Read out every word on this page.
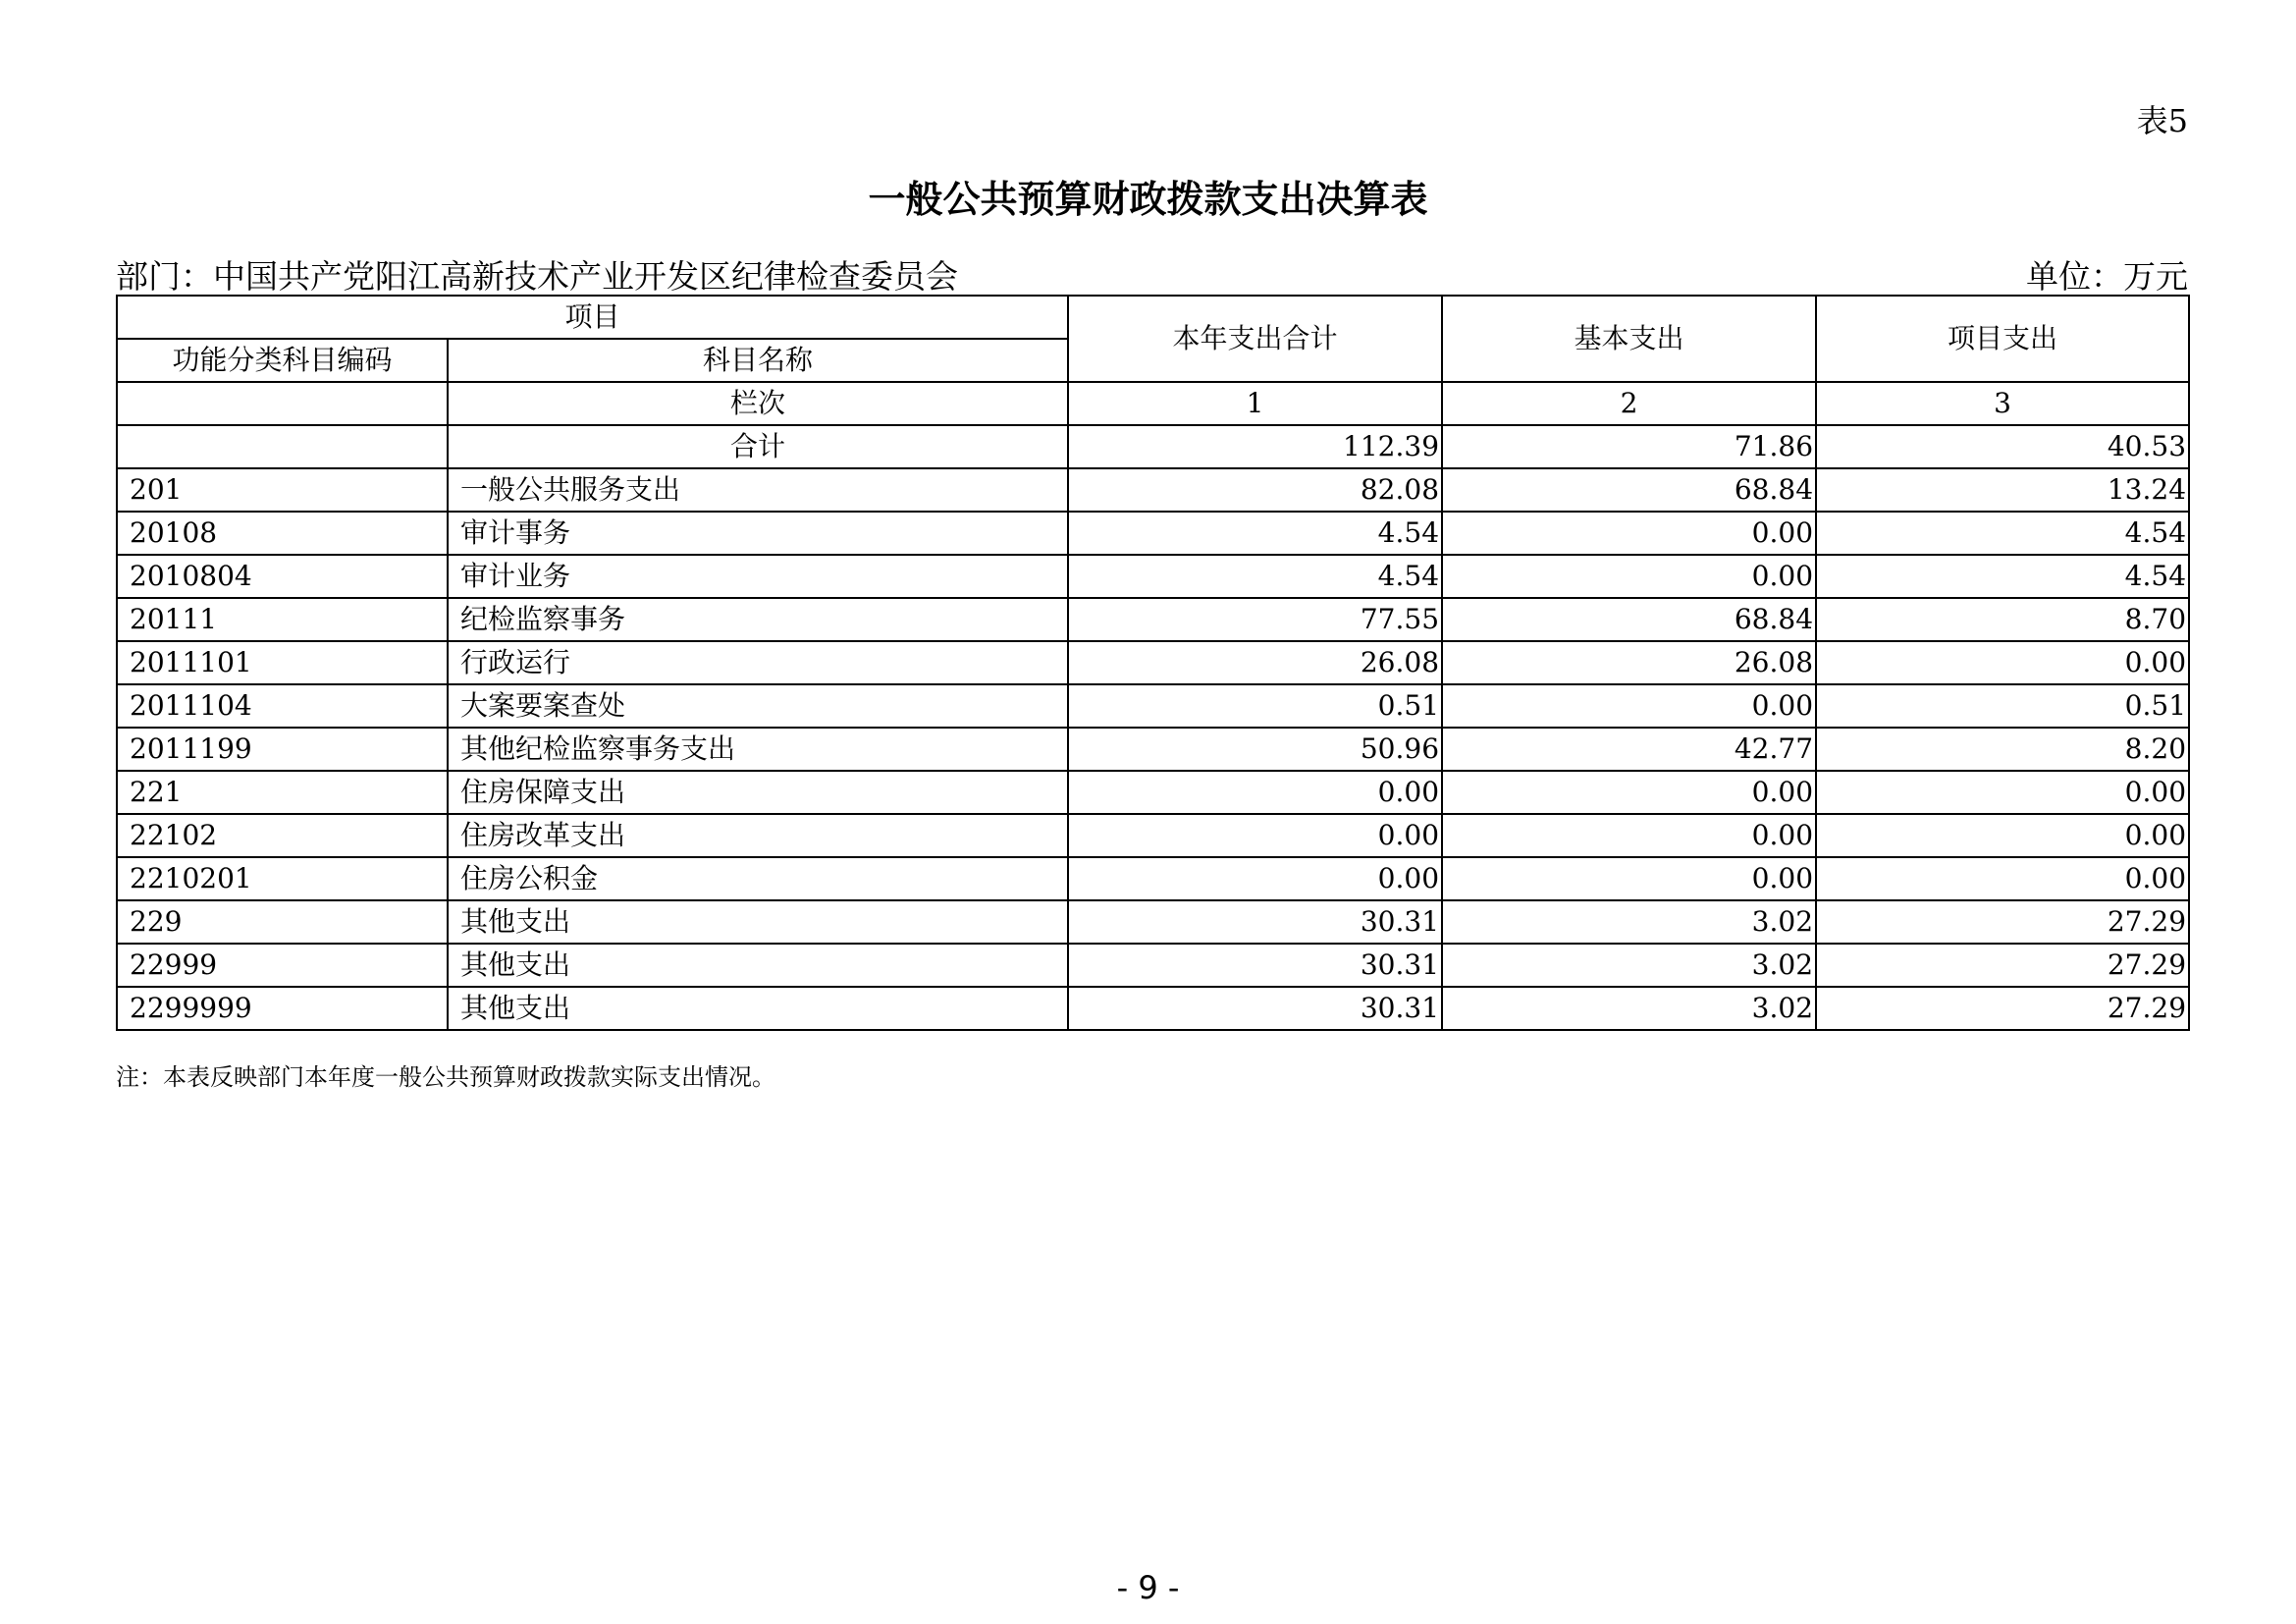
表5
一般公共预算财政拨款支出决算表
部门：中国共产党阳江高新技术产业开发区纪律检查委员会	单位：万元
项目		本年支出合计	基本支出	项目支出
功能分类科目编码	科目名称			
	栏次	1	2	3
	合计	112.39	71.86	40.53
201	一般公共服务支出	82.08	68.84	13.24
20108	审计事务	4.54	0.00	4.54
2010804	审计业务	4.54	0.00	4.54
20111	纪检监察事务	77.55	68.84	8.70
2011101	行政运行	26.08	26.08	0.00
2011104	大案要案查处	0.51	0.00	0.51
2011199	其他纪检监察事务支出	50.96	42.77	8.20
221	住房保障支出	0.00	0.00	0.00
22102	住房改革支出	0.00	0.00	0.00
2210201	住房公积金	0.00	0.00	0.00
229	其他支出	30.31	3.02	27.29
22999	其他支出	30.31	3.02	27.29
2299999	其他支出	30.31	3.02	27.29
注：本表反映部门本年度一般公共预算财政拨款实际支出情况。
- 9 -
